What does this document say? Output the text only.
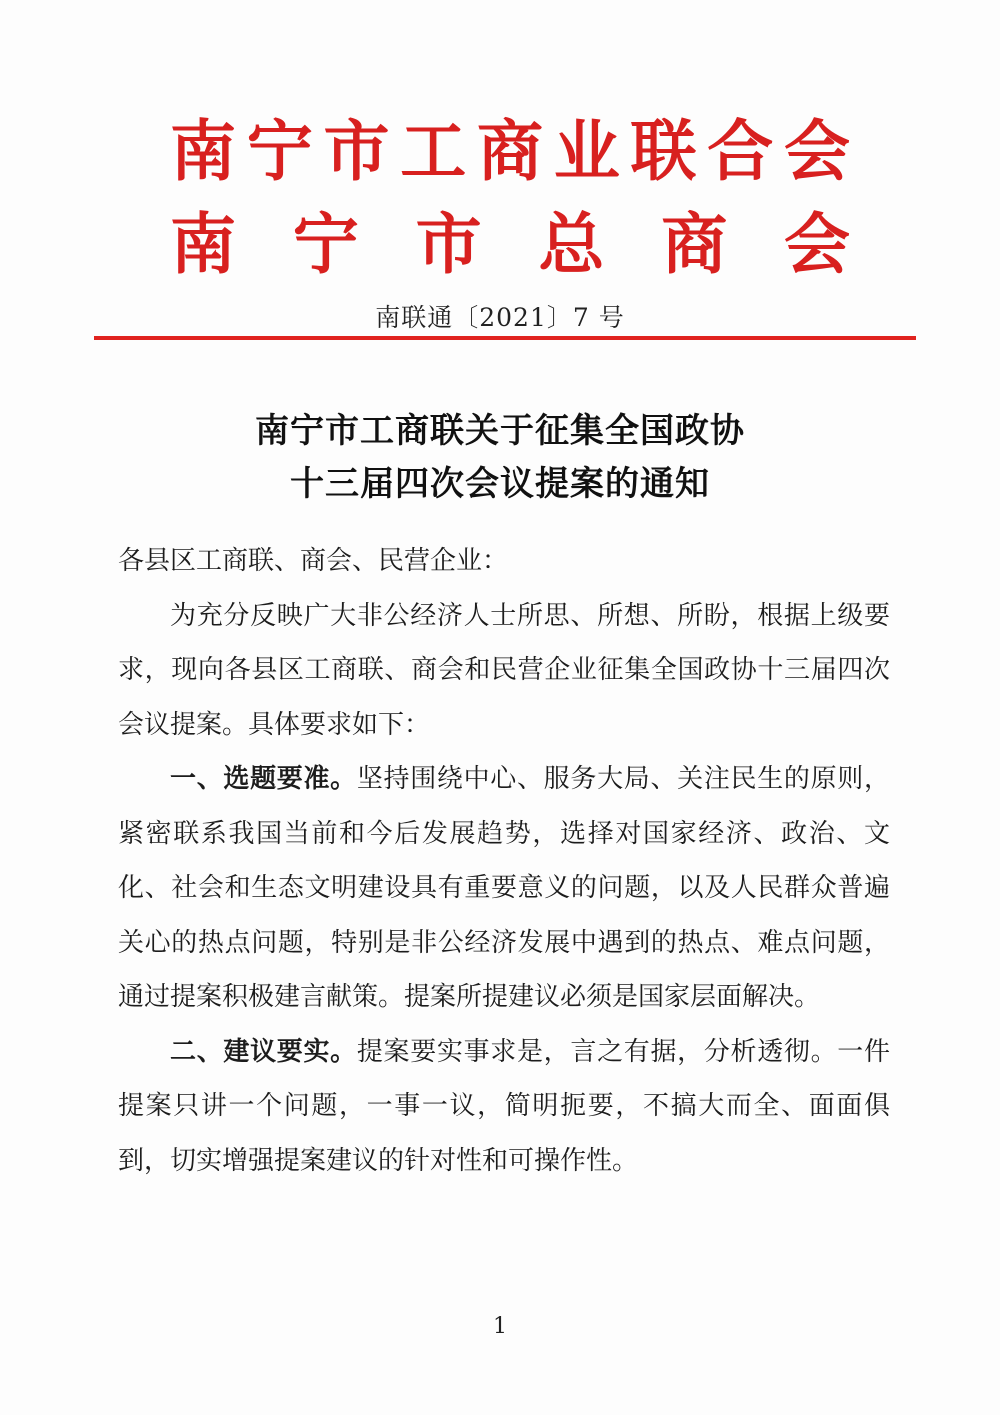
南 宁 市 工 商 业 联 合 会
南 宁 市 总 商 会
南联通〔2021〕7 号
南宁市工商联关于征集全国政协
十三届四次会议提案的通知

各县区工商联、商会、民营企业：

为充分反映广大非公经济人士所思、所想、所盼，根据上级要求，现向各县区工商联、商会和民营企业征集全国政协十三届四次会议提案。具体要求如下：

一、选题要准。坚持围绕中心、服务大局、关注民生的原则，紧密联系我国当前和今后发展趋势，选择对国家经济、政治、文化、社会和生态文明建设具有重要意义的问题，以及人民群众普遍关心的热点问题，特别是非公经济发展中遇到的热点、难点问题，通过提案积极建言献策。提案所提建议必须是国家层面解决。

二、建议要实。提案要实事求是，言之有据，分析透彻。一件提案只讲一个问题，一事一议，简明扼要，不搞大而全、面面俱到，切实增强提案建议的针对性和可操作性。

1
